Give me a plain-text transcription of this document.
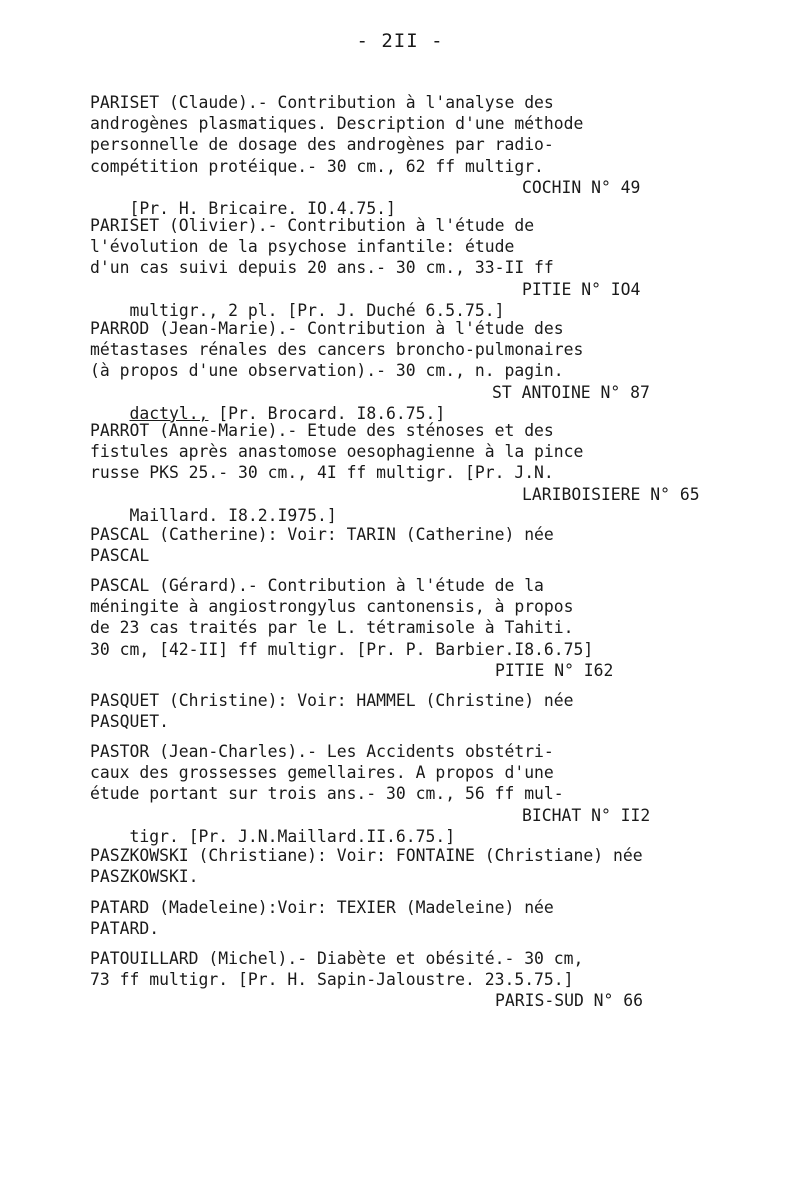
- 2II -
PARISET (Claude).- Contribution à l'analyse des
androgènes plasmatiques. Description d'une méthode
personnelle de dosage des androgènes par radio-
compétition protéique.- 30 cm., 62 ff multigr.

[Pr. H. Bricaire. IO.4.75.]

COCHIN N° 49

PARISET (Olivier).- Contribution à l'étude de
l'évolution de la psychose infantile: étude
d'un cas suivi depuis 20 ans.- 30 cm., 33-II ff

multigr., 2 pl. [Pr. J. Duché 6.5.75.]

PITIE N° IO4

PARROD (Jean-Marie).- Contribution à l'étude des
métastases rénales des cancers broncho-pulmonaires
(à propos d'une observation).- 30 cm., n. pagin.

dactyl., [Pr. Brocard. I8.6.75.]

ST ANTOINE N° 87

PARROT (Anne-Marie).- Etude des sténoses et des
fistules après anastomose oesophagienne à la pince
russe PKS 25.- 30 cm., 4I ff multigr. [Pr. J.N.

Maillard. I8.2.I975.]

LARIBOISIERE N° 65

PASCAL (Catherine): Voir: TARIN (Catherine) née
PASCAL
PASCAL (Gérard).- Contribution à l'étude de la
méningite à angiostrongylus cantonensis, à propos
de 23 cas traités par le L. tétramisole à Tahiti.
30 cm, [42-II] ff multigr. [Pr. P. Barbier.I8.6.75]

PITIE N° I62

PASQUET (Christine): Voir: HAMMEL (Christine) née
PASQUET.
PASTOR (Jean-Charles).- Les Accidents obstétri-
caux des grossesses gemellaires. A propos d'une
étude portant sur trois ans.- 30 cm., 56 ff mul-

tigr. [Pr. J.N.Maillard.II.6.75.]

BICHAT N° II2

PASZKOWSKI (Christiane): Voir: FONTAINE (Christiane) née
PASZKOWSKI.
PATARD (Madeleine):Voir: TEXIER (Madeleine) née
PATARD.
PATOUILLARD (Michel).- Diabète et obésité.- 30 cm,
73 ff multigr. [Pr. H. Sapin-Jaloustre. 23.5.75.]

PARIS-SUD N° 66
